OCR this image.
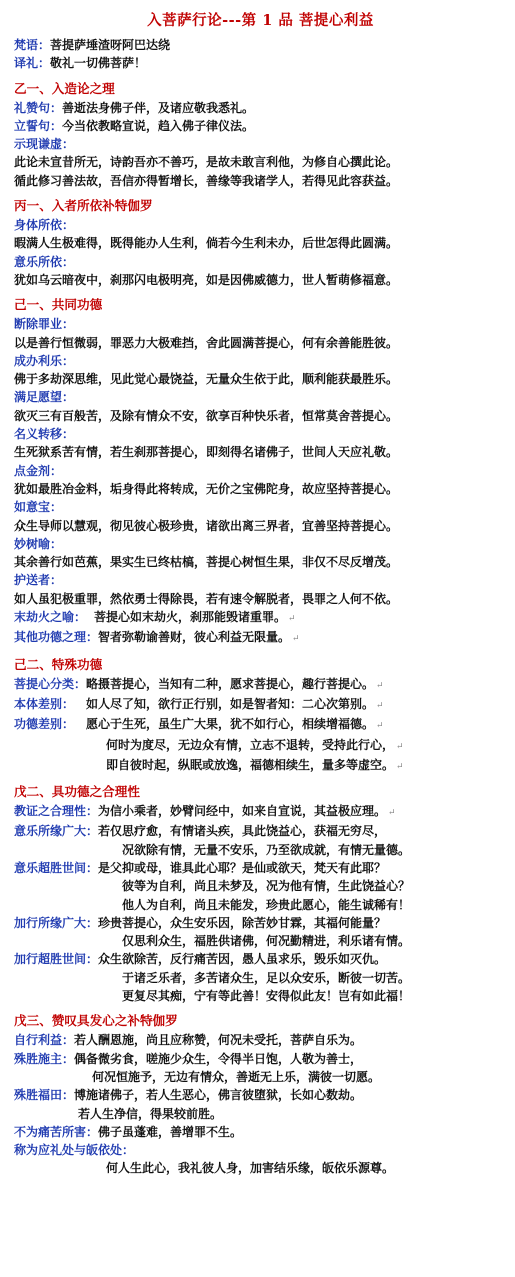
入菩萨行论---第 1 品 菩提心利益
梵语：菩提萨埵渣呀阿巴达绕
译礼：敬礼一切佛菩萨！
乙一、入造论之理
礼赞句：善逝法身佛子伴，及诸应敬我悉礼。
立誓句：今当依教略宣说，趋入佛子律仪法。
示现谦虚：
此论未宣昔所无，诗韵吾亦不善巧，是故未敢言利他，为修自心撰此论。
循此修习善法故，吾信亦得暂增长，善缘等我诸学人，若得见此容获益。
丙一、入者所依补特伽罗
身体所依：
暇满人生极难得，既得能办人生利，倘若今生利未办，后世怎得此圆满。
意乐所依：
犹如乌云暗夜中，刹那闪电极明亮，如是因佛威德力，世人暂萌修福意。
己一、共同功德
断除罪业：
以是善行恒微弱，罪恶力大极难挡，舍此圆满菩提心，何有余善能胜彼。
成办利乐：
佛于多劫深思维，见此觉心最饶益，无量众生依于此，顺利能获最胜乐。
满足愿望：
欲灭三有百般苦，及除有情众不安，欲享百种快乐者，恒常莫舍菩提心。
名义转移：
生死狱系苦有情，若生刹那菩提心，即刻得名诸佛子，世间人天应礼敬。
点金剂：
犹如最胜冶金料，垢身得此将转成，无价之宝佛陀身，故应坚持菩提心。
如意宝：
众生导师以慧观，彻见彼心极珍贵，诸欲出离三界者，宜善坚持菩提心。
妙树喻：
其余善行如芭蕉，果实生已终枯槁，菩提心树恒生果，非仅不尽反增茂。
护送者：
如人虽犯极重罪，然依勇士得除畏，若有速令解脱者，畏罪之人何不依。
末劫火之喻： 菩提心如末劫火，刹那能毁诸重罪。 ↵
其他功德之理：智者弥勒谕善财，彼心利益无限量。 ↵
己二、特殊功德
菩提心分类：略摄菩提心，当知有二种，愿求菩提心，趣行菩提心。 ↵
本体差别： 如人尽了知，欲行正行别，如是智者知：二心次第别。 ↵
功德差别： 愿心于生死，虽生广大果，犹不如行心，相续增福德。 ↵
何时为度尽，无边众有情，立志不退转，受持此行心， ↵
即自彼时起，纵眠或放逸，福德相续生，量多等虚空。 ↵
戊二、具功德之合理性
教证之合理性：为信小乘者，妙臂问经中，如来自宣说，其益极应理。 ↵
意乐所缘广大：若仅思疗愈，有情诸头疾，具此饶益心，获福无穷尽，
况欲除有情，无量不安乐，乃至欲成就，有情无量德。
意乐超胜世间：是父抑或母，谁具此心耶？是仙或欲天，梵天有此耶？
彼等为自利，尚且未梦及，况为他有情，生此饶益心？
他人为自利，尚且未能发，珍贵此愿心，能生诚稀有！
加行所缘广大：珍贵菩提心，众生安乐因，除苦妙甘霖，其福何能量？
仅思利众生，福胜供诸佛，何况勤精进，利乐诸有情。
加行超胜世间：众生欲除苦，反行痛苦因，愚人虽求乐，毁乐如灭仇。
于诸乏乐者，多苦诸众生，足以众安乐，断彼一切苦。
更复尽其痴，宁有等此善！安得似此友！岂有如此福！
戊三、赞叹具发心之补特伽罗
自行利益：若人酬恩施，尚且应称赞，何况未受托，菩萨自乐为。
殊胜施主：偶备微劣食，嗟施少众生，令得半日饱，人敬为善士，
何况恒施予，无边有情众，善逝无上乐，满彼一切愿。
殊胜福田：博施诸佛子，若人生恶心，佛言彼堕狱，长如心数劫。
若人生净信，得果较前胜。
不为痛苦所害：佛子虽蓬难，善增罪不生。
称为应礼处与皈依处：
何人生此心，我礼彼人身，加害结乐缘，皈依乐源尊。
